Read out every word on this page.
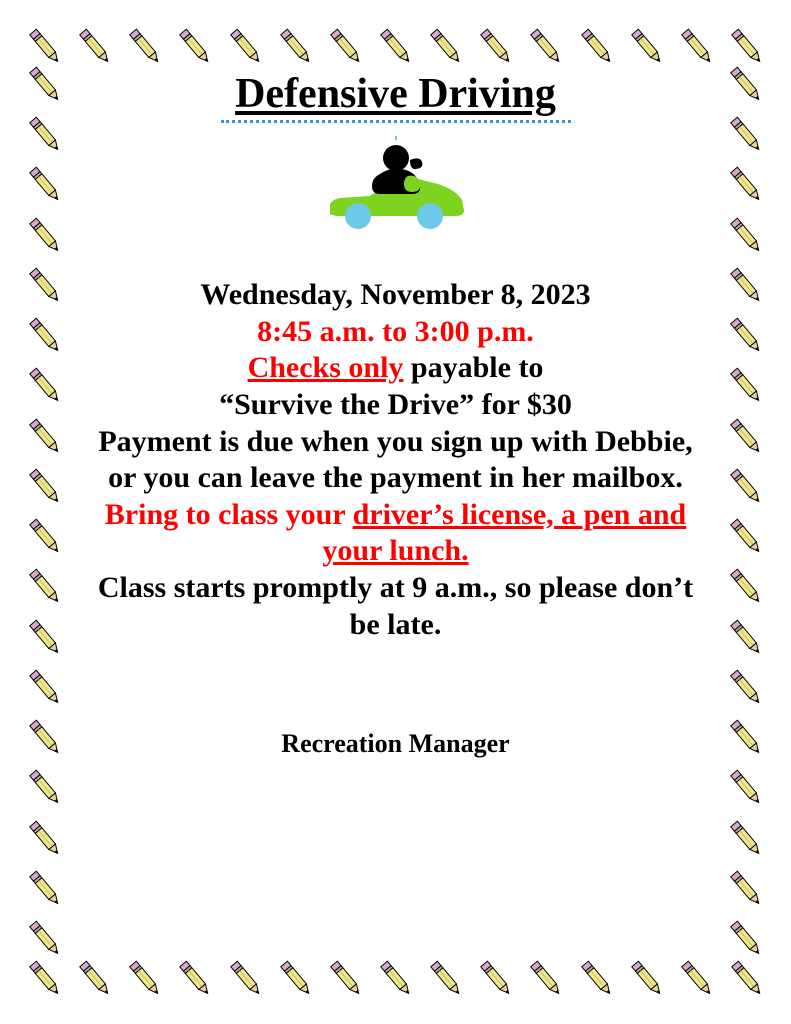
Defensive Driving
Wednesday, November 8, 2023
8:45 a.m. to 3:00 p.m.
Checks only payable to
“Survive the Drive” for $30
Payment is due when you sign up with Debbie, or you can leave the payment in her mailbox.
Bring to class your driver’s license, a pen and your lunch.
Class starts promptly at 9 a.m., so please don’t be late.
Recreation Manager
